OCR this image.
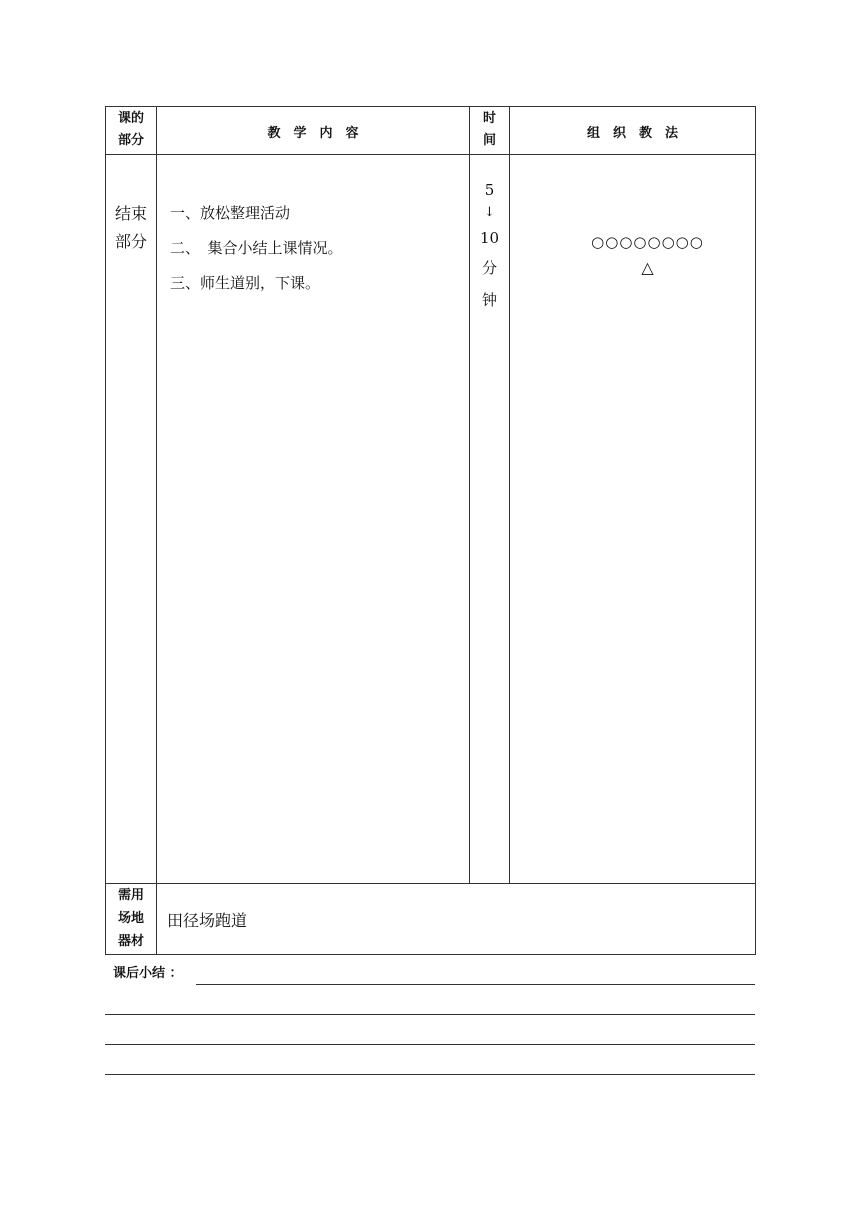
课的
部分	教　学　内　容
时
间	组　织　教　法
结束
部分
一、放松整理活动
二、　集合小结上课情况。
三、师生道别，下课。
5
↓
10
分
钟
○○○○○○○○
△
需用
场地
器材
田径场跑道
课后小结 ：
